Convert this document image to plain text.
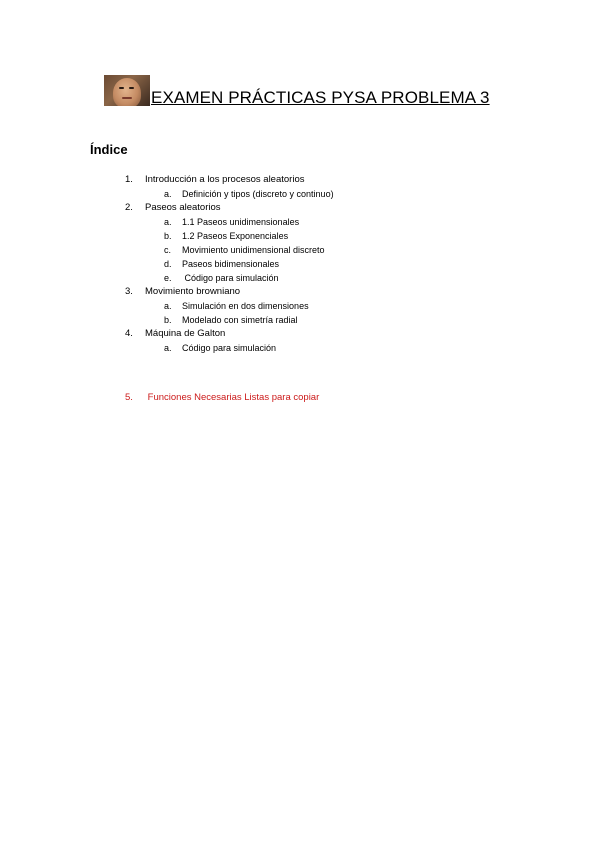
EXAMEN PRÁCTICAS PYSA PROBLEMA 3
Índice
1. Introducción a los procesos aleatorios
a. Definición y tipos (discreto y continuo)
2. Paseos aleatorios
a. 1.1 Paseos unidimensionales
b. 1.2 Paseos Exponenciales
c. Movimiento unidimensional discreto
d. Paseos bidimensionales
e. Código para simulación
3. Movimiento browniano
a. Simulación en dos dimensiones
b. Modelado con simetría radial
4. Máquina de Galton
a. Código para simulación
5. Funciones Necesarias Listas para copiar
